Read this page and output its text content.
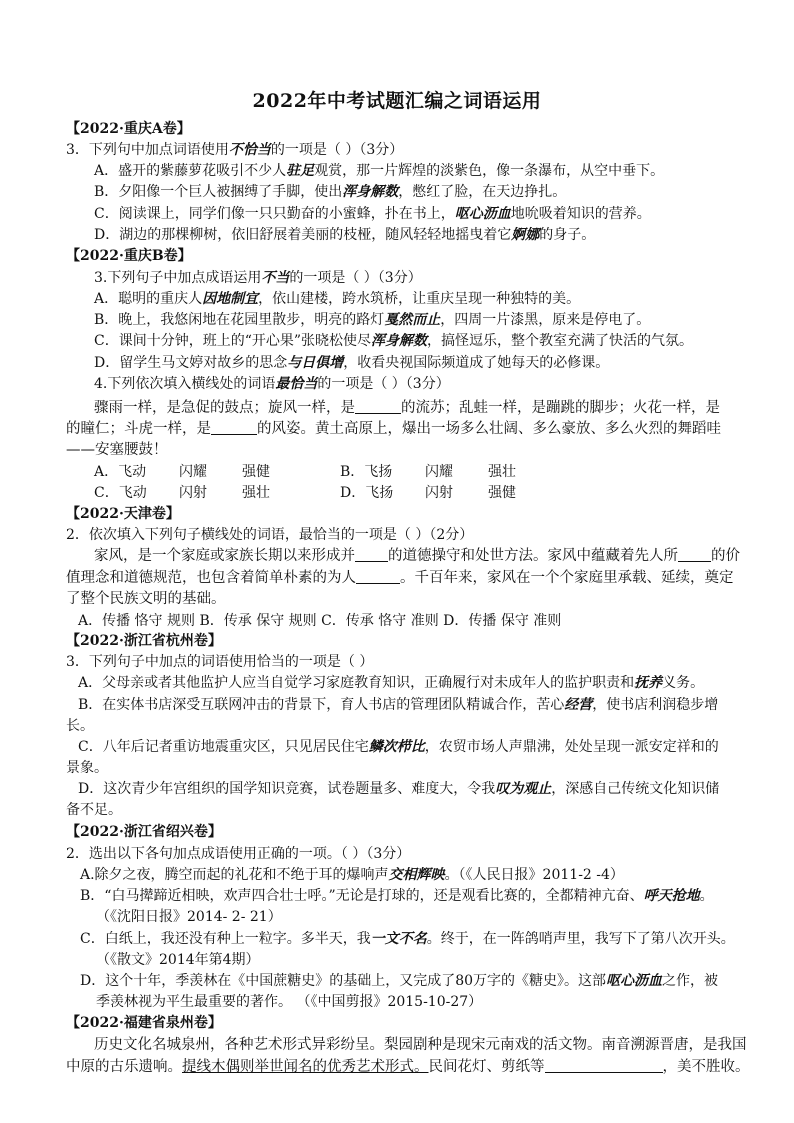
2022年中考试题汇编之词语运用
【2022·重庆A卷】
3．下列句中加点词语使用不恰当的一项是（ ）（3分）
A．盛开的紫藤萝花吸引不少人驻足观赏，那一片辉煌的淡紫色，像一条瀑布，从空中垂下。
B．夕阳像一个巨人被捆缚了手脚，使出浑身解数，憋红了脸，在天边挣扎。
C．阅读课上，同学们像一只只勤奋的小蜜蜂，扑在书上，呕心沥血地吮吸着知识的营养。
D．湖边的那棵柳树，依旧舒展着美丽的枝桠，随风轻轻地摇曳着它婀娜的身子。
【2022·重庆B卷】
3.下列句子中加点成语运用不当的一项是（ ）（3分）
A．聪明的重庆人因地制宜，依山建楼，跨水筑桥，让重庆呈现一种独特的美。
B．晚上，我悠闲地在花园里散步，明亮的路灯戛然而止，四周一片漆黑，原来是停电了。
C．课间十分钟，班上的“开心果”张晓松使尽浑身解数，搞怪逗乐，整个教室充满了快活的气氛。
D．留学生马文婷对故乡的思念与日俱增，收看央视国际频道成了她每天的必修课。
4.下列依次填入横线处的词语最恰当的一项是（ ）（3分）
骤雨一样，是急促的鼓点；旋风一样，是	的流苏；乱蛙一样，是蹦跳的脚步；火花一样，是
的瞳仁；斗虎一样，是	的风姿。黄土高原上，爆出一场多么壮阔、多么豪放、多么火烈的舞蹈哇
——安塞腰鼓！
A．飞动 闪耀	强健	B．飞扬 闪耀	强壮
C．飞动 闪射	强壮	D．飞扬 闪射	强健
【2022·天津卷】
2．依次填入下列句子横线处的词语，最恰当的一项是（ ）（2分）
家风，是一个家庭或家族长期以来形成并 的道德操守和处世方法。家风中蕴藏着先人所 的价
值理念和道德规范，也包含着简单朴素的为人	。千百年来，家风在一个个家庭里承载、延续，奠定
了整个民族文明的基础。
A．传播 恪守 规则 B．传承 保守 规则 C．传承 恪守 准则 D．传播 保守 准则
【2022·浙江省杭州卷】
3．下列句子中加点的词语使用恰当的一项是（ ）
A．父母亲或者其他监护人应当自觉学习家庭教育知识，正确履行对未成年人的监护职责和抚养义务。
B．在实体书店深受互联网冲击的背景下，育人书店的管理团队精诚合作，苦心经营，使书店利润稳步增
长。
C．八年后记者重访地震重灾区，只见居民住宅鳞次栉比，农贸市场人声鼎沸，处处呈现一派安定祥和的
景象。
D．这次青少年宫组织的国学知识竞赛，试卷题量多、难度大，令我叹为观止，深感自己传统文化知识储
备不足。
【2022·浙江省绍兴卷】
2．选出以下各句加点成语使用正确的一项。（ ）（3分）
A.除夕之夜，腾空而起的礼花和不绝于耳的爆响声交相辉映。（《人民日报》2011-2 -4）
B．“白马撵蹄近相映，欢声四合壮士呼。”无论是打球的，还是观看比赛的，全都精神亢奋、呼天抢地。
（《沈阳日报》2014- 2- 21）
C．白纸上，我还没有种上一粒字。多半天，我一文不名。终于，在一阵鸽哨声里，我写下了第八次开头。
（《散文》2014年第4期）
D．这个十年，季羡林在《中国蔗糖史》的基础上，又完成了80万字的《糖史》。这部呕心沥血之作，被
季羡林视为平生最重要的著作。 （《中国剪报》2015-10-27）
【2022·福建省泉州卷】
历史文化名城泉州，各种艺术形式异彩纷呈。梨园剧种是现宋元南戏的活文物。南音溯源晋唐，是我国
中原的古乐遗响。提线木偶则举世闻名的优秀艺术形式。民间花灯、剪纸等	，美不胜收。
